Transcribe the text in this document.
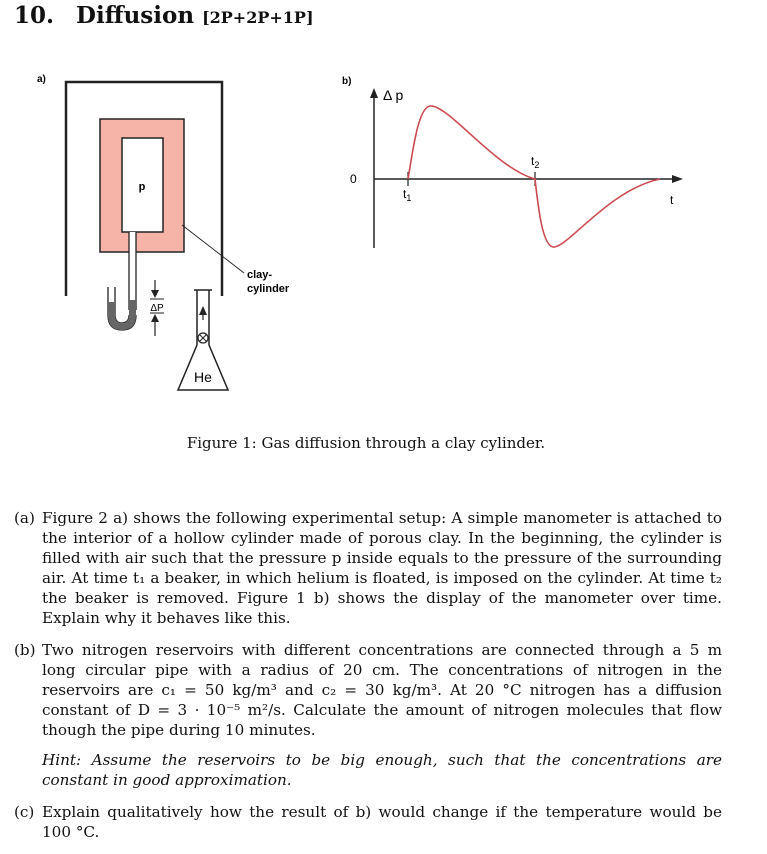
10. Diffusion [2P+2P+1P]
a)
p
ΔP
He
clay-
cylinder
b)
Δ p
0
$t_1$
$t_2$
t
Figure 1: Gas diffusion through a clay cylinder.
(a) Figure 2 a) shows the following experimental setup: A simple manometer is attached to the interior of a hollow cylinder made of porous clay. In the beginning, the cylinder is filled with air such that the pressure p inside equals to the pressure of the surrounding air. At time t₁ a beaker, in which helium is floated, is imposed on the cylinder. At time t₂ the beaker is removed. Figure 1 b) shows the display of the manometer over time. Explain why it behaves like this.
(b) Two nitrogen reservoirs with different concentrations are connected through a 5 m long circular pipe with a radius of 20 cm. The concentrations of nitrogen in the reservoirs are c₁ = 50 kg/m³ and c₂ = 30 kg/m³. At 20 °C nitrogen has a diffusion constant of D = 3 · 10⁻⁵ m²/s. Calculate the amount of nitrogen molecules that flow though the pipe during 10 minutes.
Hint: Assume the reservoirs to be big enough, such that the concentrations are constant in good approximation.
(c) Explain qualitatively how the result of b) would change if the temperature would be 100 °C.
